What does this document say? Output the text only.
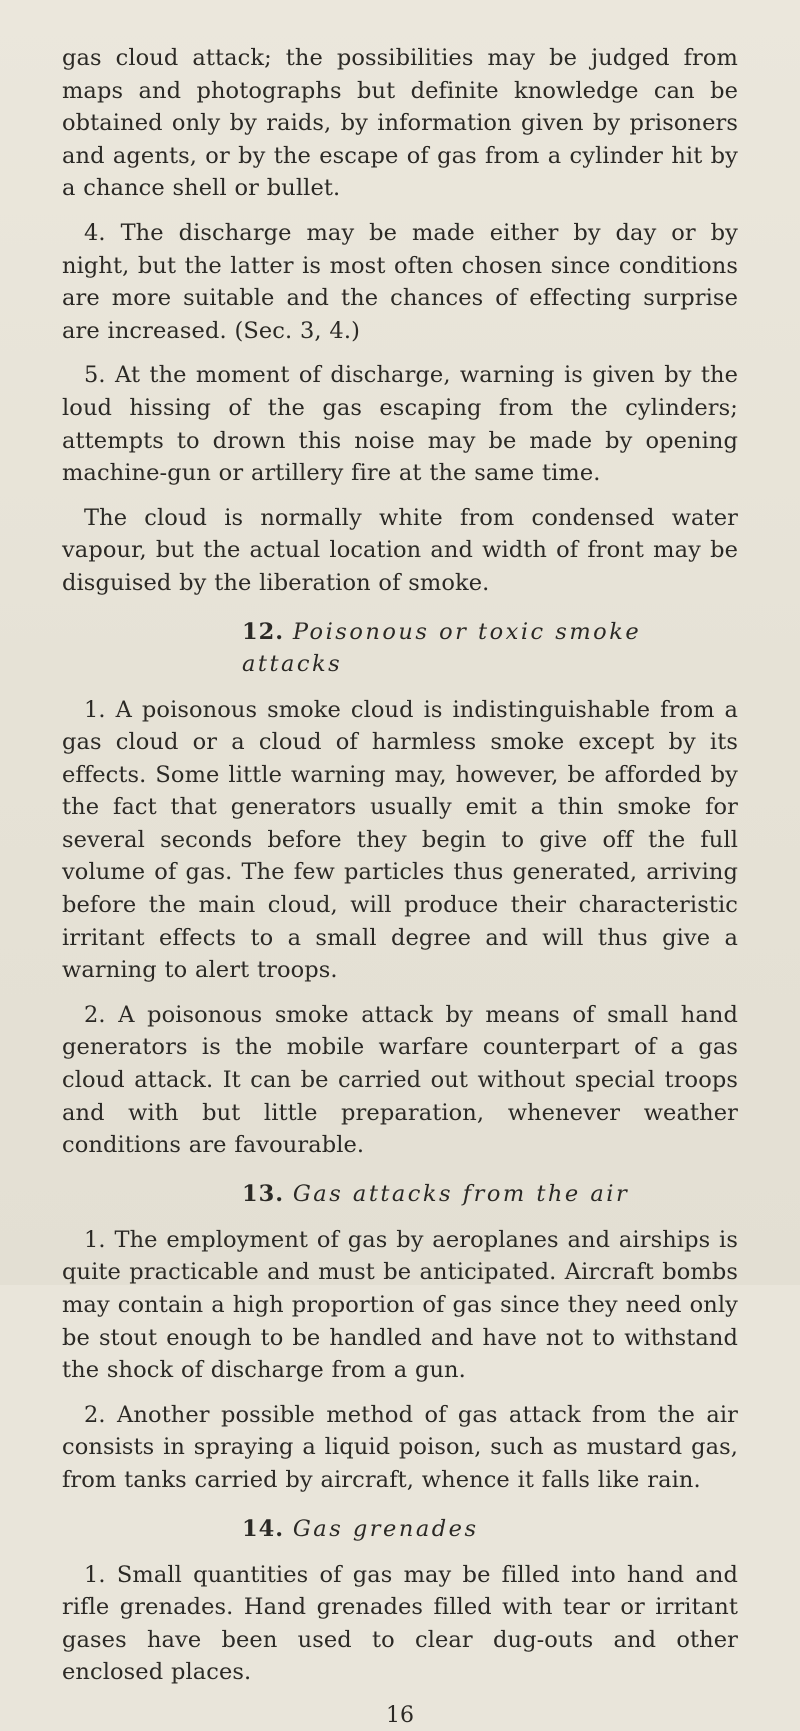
gas cloud attack; the possibilities may be judged from maps and photographs but definite knowledge can be obtained only by raids, by information given by prisoners and agents, or by the escape of gas from a cylinder hit by a chance shell or bullet.

4. The discharge may be made either by day or by night, but the latter is most often chosen since conditions are more suitable and the chances of effecting surprise are increased. (Sec. 3, 4.)

5. At the moment of discharge, warning is given by the loud hissing of the gas escaping from the cylinders; attempts to drown this noise may be made by opening machine-gun or artillery fire at the same time.

The cloud is normally white from condensed water vapour, but the actual location and width of front may be disguised by the liberation of smoke.

12. Poisonous or toxic smoke attacks

1. A poisonous smoke cloud is indistinguishable from a gas cloud or a cloud of harmless smoke except by its effects. Some little warning may, however, be afforded by the fact that generators usually emit a thin smoke for several seconds before they begin to give off the full volume of gas. The few particles thus generated, arriving before the main cloud, will produce their characteristic irritant effects to a small degree and will thus give a warning to alert troops.

2. A poisonous smoke attack by means of small hand generators is the mobile warfare counterpart of a gas cloud attack. It can be carried out without special troops and with but little preparation, whenever weather conditions are favourable.

13. Gas attacks from the air

1. The employment of gas by aeroplanes and airships is quite practicable and must be anticipated. Aircraft bombs may contain a high proportion of gas since they need only be stout enough to be handled and have not to withstand the shock of discharge from a gun.

2. Another possible method of gas attack from the air consists in spraying a liquid poison, such as mustard gas, from tanks carried by aircraft, whence it falls like rain.

14. Gas grenades

1. Small quantities of gas may be filled into hand and rifle grenades. Hand grenades filled with tear or irritant gases have been used to clear dug-outs and other enclosed places.

16
